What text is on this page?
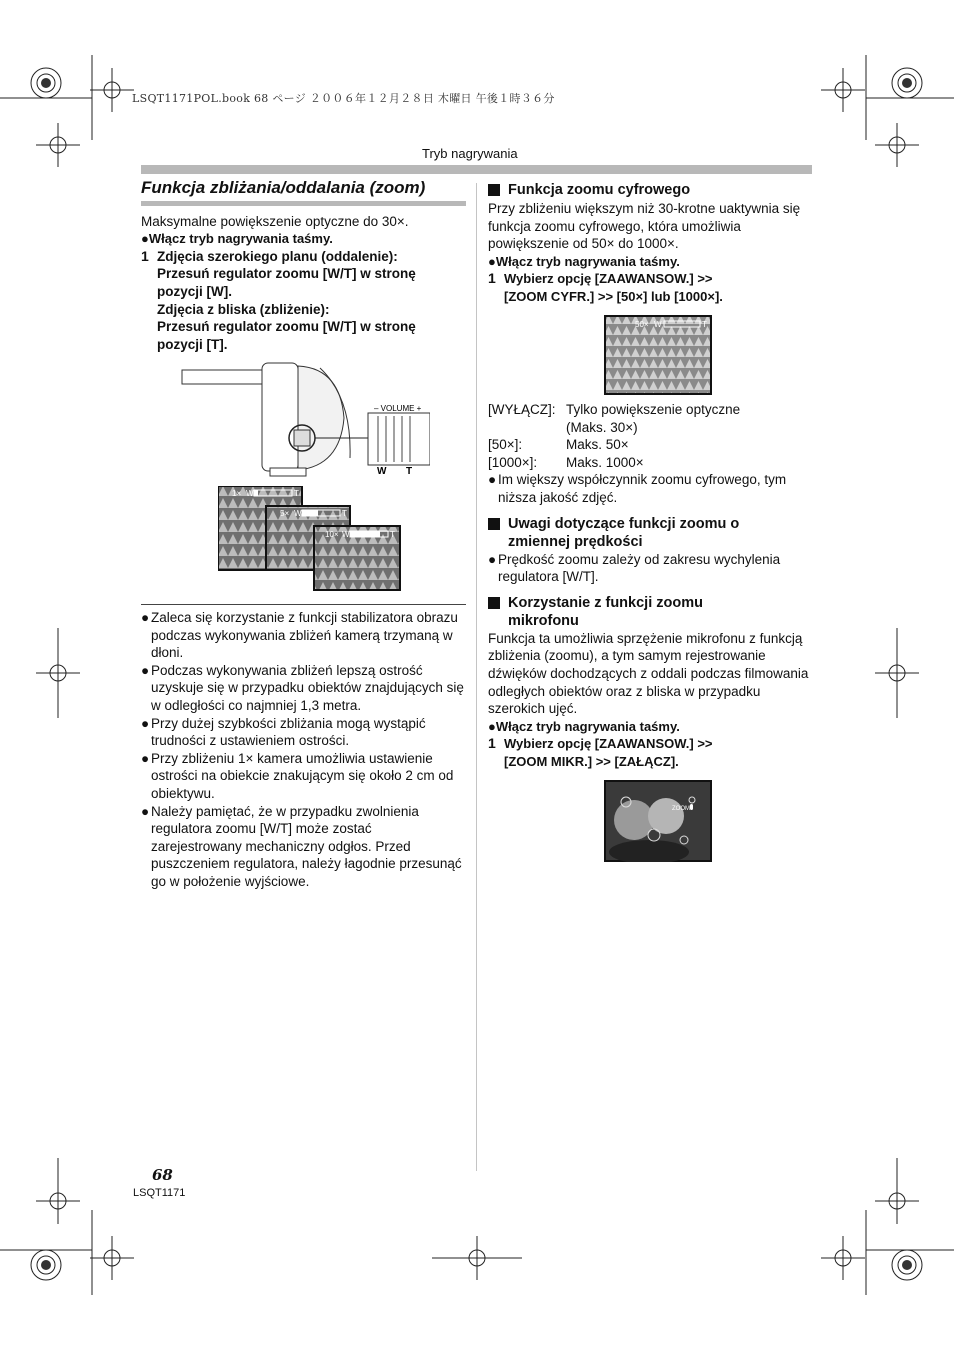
LSQT1171POL.book 68 ページ ２００６年１２月２８日 木曜日 午後１時３６分
Tryb nagrywania

Funkcja zbliżania/oddalania (zoom)

Maksymalne powiększenie optyczne do 30×.

●Włącz tryb nagrywania taśmy.

1 Zdjęcia szerokiego planu (oddalenie):

Przesuń regulator zoomu [W/T] w stronę

pozycji [W].

Zdjęcia z bliska (zbliżenie):

Przesuń regulator zoomu [W/T] w stronę

pozycji [T].

– VOLUME +
W T
1× W	T
5× W	T
10× W	T
● Zaleca się korzystanie z funkcji stabilizatora obrazu podczas wykonywania zbliżeń kamerą trzymaną w dłoni.
● Podczas wykonywania zbliżeń lepszą ostrość uzyskuje się w przypadku obiektów znajdujących się w odległości co najmniej 1,3 metra.
● Przy dużej szybkości zbliżania mogą wystąpić trudności z ustawieniem ostrości.
● Przy zbliżeniu 1× kamera umożliwia ustawienie ostrości na obiekcie znakującym się około 2 cm od obiektywu.
● Należy pamiętać, że w przypadku zwolnienia regulatora zoomu [W/T] może zostać zarejestrowany mechaniczny odgłos. Przed puszczeniem regulatora, należy łagodnie przesunąć go w położenie wyjściowe.

Funkcja zoomu cyfrowego

Przy zbliżeniu większym niż 30-krotne uaktywnia się funkcja zoomu cyfrowego, która umożliwia powiększenie od 50× do 1000×.

●Włącz tryb nagrywania taśmy.

1 Wybierz opcję [ZAAWANSOW.] >>

[ZOOM CYFR.] >> [50×] lub [1000×].

50× W	T
[WYŁĄCZ]: Tylko powiększenie optyczne
(Maks. 30×)
[50×]:	Maks. 50×
[1000×]:	Maks. 1000×
● Im większy współczynnik zoomu cyfrowego, tym niższa jakość zdjęć.

Uwagi dotyczące funkcji zoomu o
zmiennej prędkości

● Prędkość zoomu zależy od zakresu wychylenia regulatora [W/T].

Korzystanie z funkcji zoomu
mikrofonu

Funkcja ta umożliwia sprzężenie mikrofonu z funkcją zbliżenia (zoomu), a tym samym rejestrowanie dźwięków dochodzących z oddali podczas filmowania odległych obiektów oraz z bliska w przypadku szerokich ujęć.

●Włącz tryb nagrywania taśmy.

1 Wybierz opcję [ZAAWANSOW.] >>

[ZOOM MIKR.] >> [ZAŁĄCZ].

ZOOM
68
LSQT1171
